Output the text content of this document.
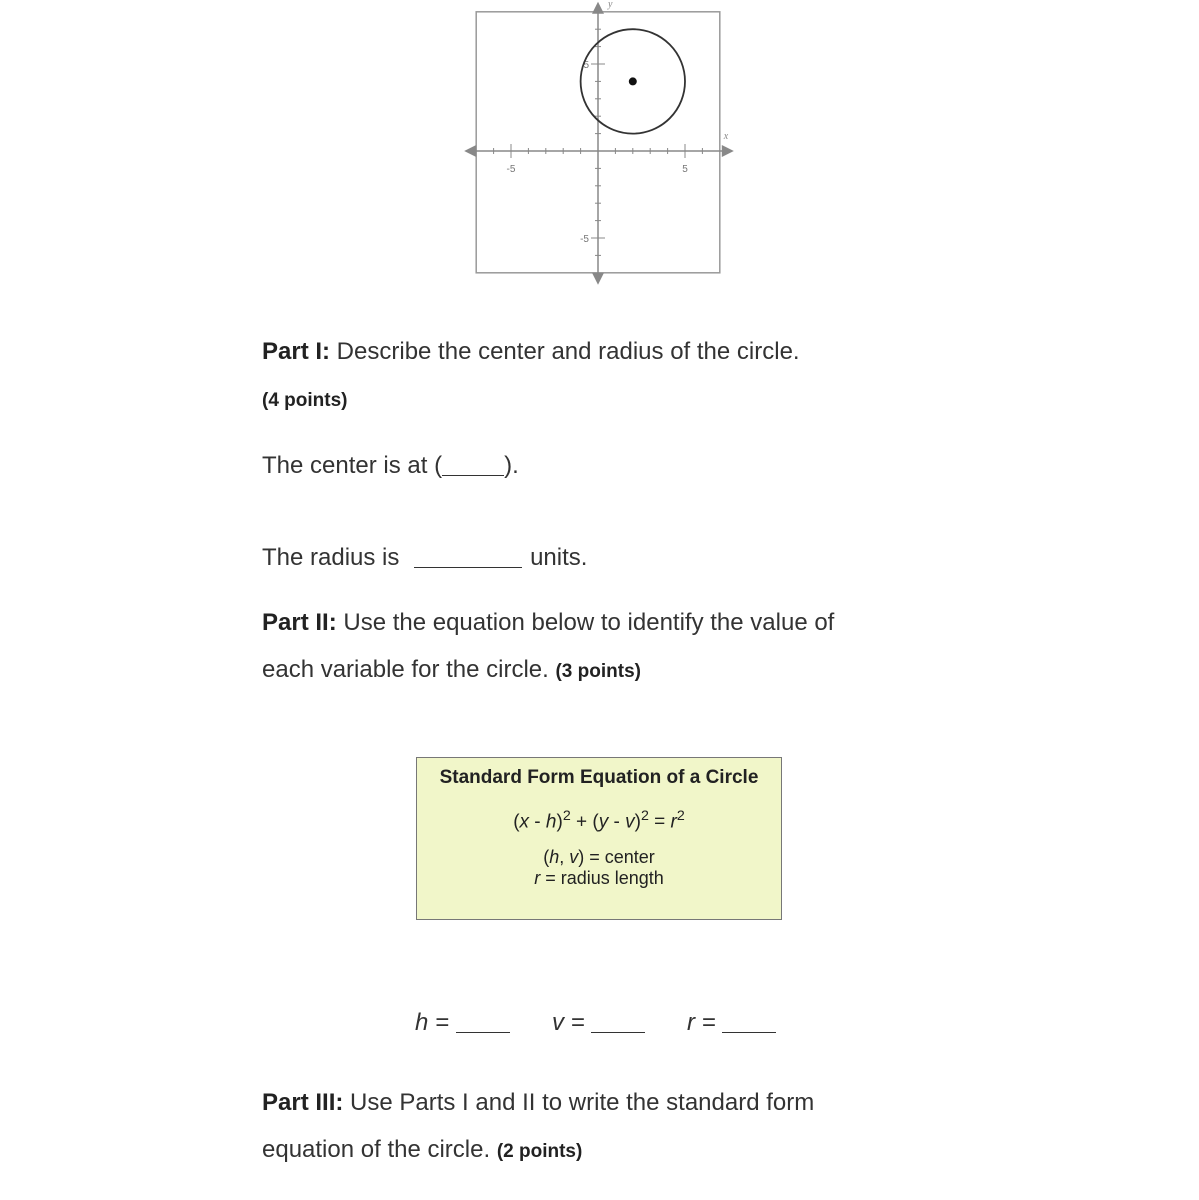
-5	5
5
-5
x
y
Part I: Describe the center and radius of the circle.
(4 points)
The center is at (	).
The radius is	units.
Part II: Use the equation below to identify the value of
each variable for the circle. (3 points)
Standard Form Equation of a Circle
$(x - h)^2 + (y - v)^2 = r^2$
(h, v) = center
r = radius length
h =	v =	r =
Part III: Use Parts I and II to write the standard form
equation of the circle. (2 points)
